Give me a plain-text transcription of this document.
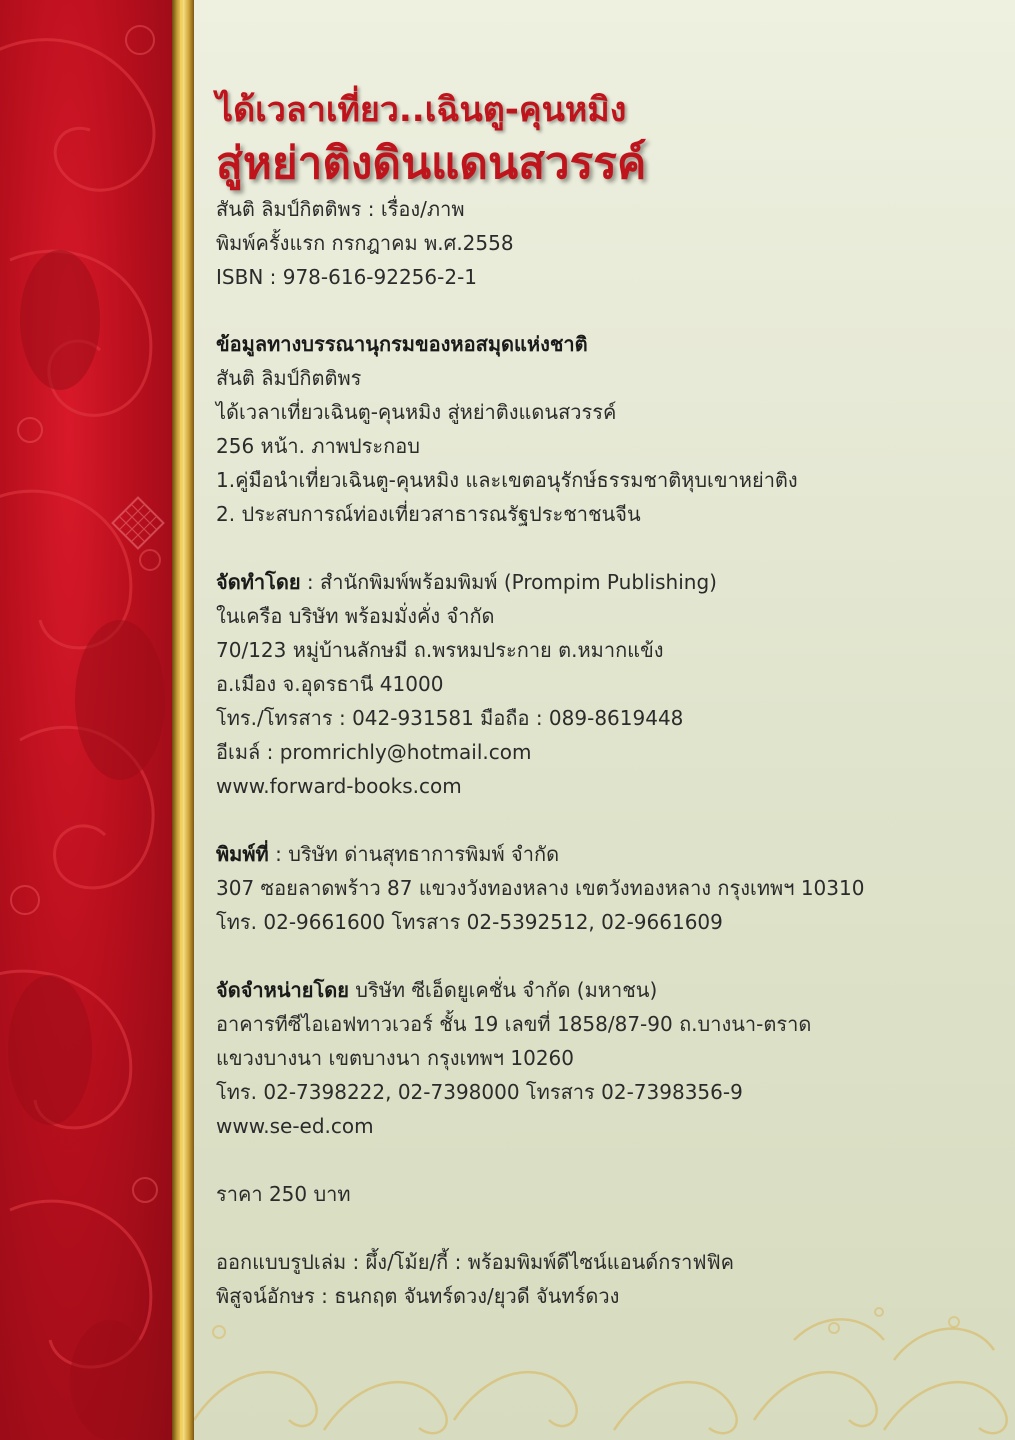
ได้เวลาเที่ยว..เฉินตู-คุนหมิง
สู่หย่าติงดินแดนสวรรค์

สันติ ลิมป์กิตติพร : เรื่อง/ภาพ

พิมพ์ครั้งแรก กรกฎาคม พ.ศ.2558

ISBN : 978-616-92256-2-1

ข้อมูลทางบรรณานุกรมของหอสมุดแห่งชาติ

สันติ ลิมป์กิตติพร

ได้เวลาเที่ยวเฉินตู-คุนหมิง สู่หย่าติงแดนสวรรค์

256 หน้า. ภาพประกอบ

1.คู่มือนำเที่ยวเฉินตู-คุนหมิง และเขตอนุรักษ์ธรรมชาติหุบเขาหย่าติง

2. ประสบการณ์ท่องเที่ยวสาธารณรัฐประชาชนจีน

จัดทำโดย : สำนักพิมพ์พร้อมพิมพ์ (Prompim Publishing)

ในเครือ บริษัท พร้อมมั่งคั่ง จำกัด

70/123 หมู่บ้านลักษมี ถ.พรหมประกาย ต.หมากแข้ง

อ.เมือง จ.อุดรธานี 41000

โทร./โทรสาร : 042-931581 มือถือ : 089-8619448

อีเมล์ : promrichly@hotmail.com

www.forward-books.com

พิมพ์ที่ : บริษัท ด่านสุทธาการพิมพ์ จำกัด

307 ซอยลาดพร้าว 87 แขวงวังทองหลาง เขตวังทองหลาง กรุงเทพฯ 10310

โทร. 02-9661600 โทรสาร 02-5392512, 02-9661609

จัดจำหน่ายโดย บริษัท ซีเอ็ดยูเคชั่น จำกัด (มหาชน)

อาคารทีซีไอเอฟทาวเวอร์ ชั้น 19 เลขที่ 1858/87-90 ถ.บางนา-ตราด

แขวงบางนา เขตบางนา กรุงเทพฯ 10260

โทร. 02-7398222, 02-7398000 โทรสาร 02-7398356-9

www.se-ed.com

ราคา 250 บาท

ออกแบบรูปเล่ม : ผึ้ง/โม้ย/กี้ : พร้อมพิมพ์ดีไซน์แอนด์กราฟฟิค

พิสูจน์อักษร : ธนกฤต จันทร์ดวง/ยุวดี จันทร์ดวง
